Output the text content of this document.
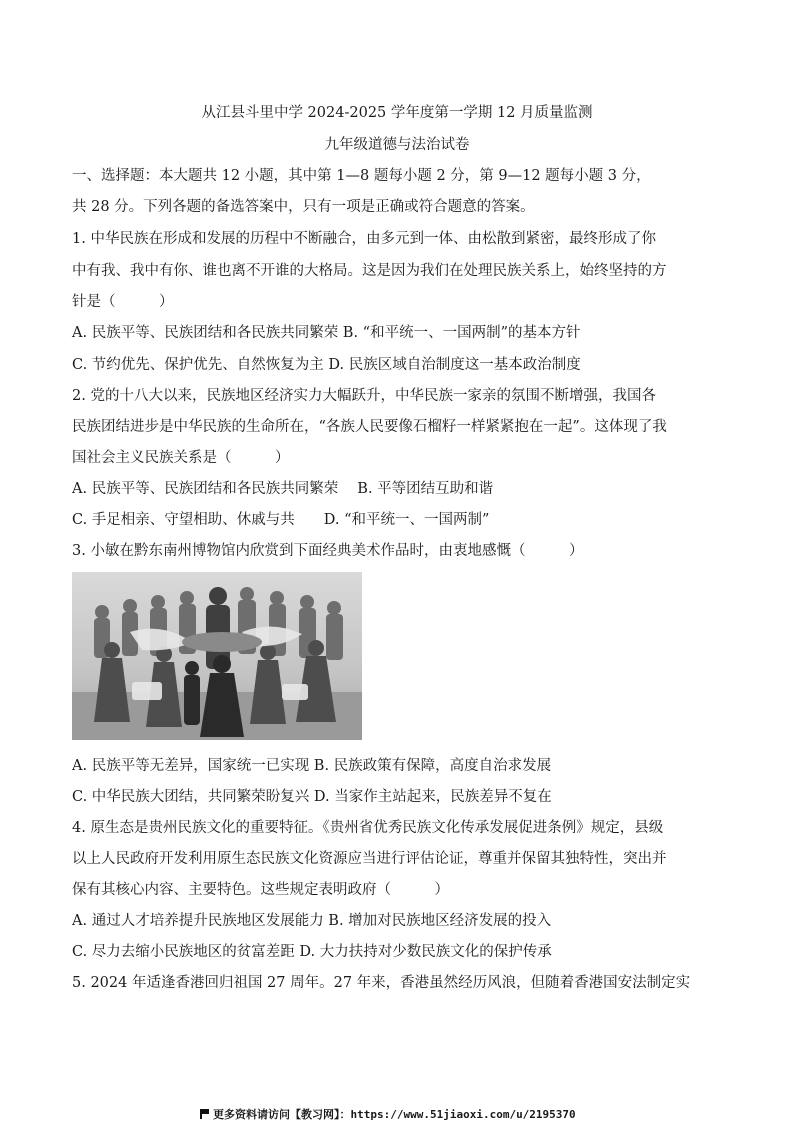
从江县斗里中学 2024-2025 学年度第一学期 12 月质量监测
九年级道德与法治试卷
一、选择题：本大题共 12 小题，其中第 1—8 题每小题 2 分，第 9—12 题每小题 3 分，
共 28 分。下列各题的备选答案中，只有一项是正确或符合题意的答案。
1. 中华民族在形成和发展的历程中不断融合，由多元到一体、由松散到紧密，最终形成了你
中有我、我中有你、谁也离不开谁的大格局。这是因为我们在处理民族关系上，始终坚持的方
针是（　　　）
A. 民族平等、民族团结和各民族共同繁荣 B. “和平统一、一国两制”的基本方针
C. 节约优先、保护优先、自然恢复为主 D. 民族区域自治制度这一基本政治制度
2. 党的十八大以来，民族地区经济实力大幅跃升，中华民族一家亲的氛围不断增强，我国各
民族团结进步是中华民族的生命所在，“各族人民要像石榴籽一样紧紧抱在一起”。这体现了我
国社会主义民族关系是（　　　）
A. 民族平等、民族团结和各民族共同繁荣　 B. 平等团结互助和谐
C. 手足相亲、守望相助、休戚与共　　D. “和平统一、一国两制”
3. 小敏在黔东南州博物馆内欣赏到下面经典美术作品时，由衷地感慨（　　　）
A. 民族平等无差异，国家统一已实现 B. 民族政策有保障，高度自治求发展
C. 中华民族大团结，共同繁荣盼复兴 D. 当家作主站起来，民族差异不复在
4. 原生态是贵州民族文化的重要特征。《贵州省优秀民族文化传承发展促进条例》规定，县级
以上人民政府开发利用原生态民族文化资源应当进行评估论证，尊重并保留其独特性，突出并
保有其核心内容、主要特色。这些规定表明政府（　　　）
A. 通过人才培养提升民族地区发展能力 B. 增加对民族地区经济发展的投入
C. 尽力去缩小民族地区的贫富差距 D. 大力扶持对少数民族文化的保护传承
5. 2024 年适逢香港回归祖国 27 周年。27 年来，香港虽然经历风浪，但随着香港国安法制定实
更多资料请访问【教习网】：https://www.51jiaoxi.com/u/2195370
